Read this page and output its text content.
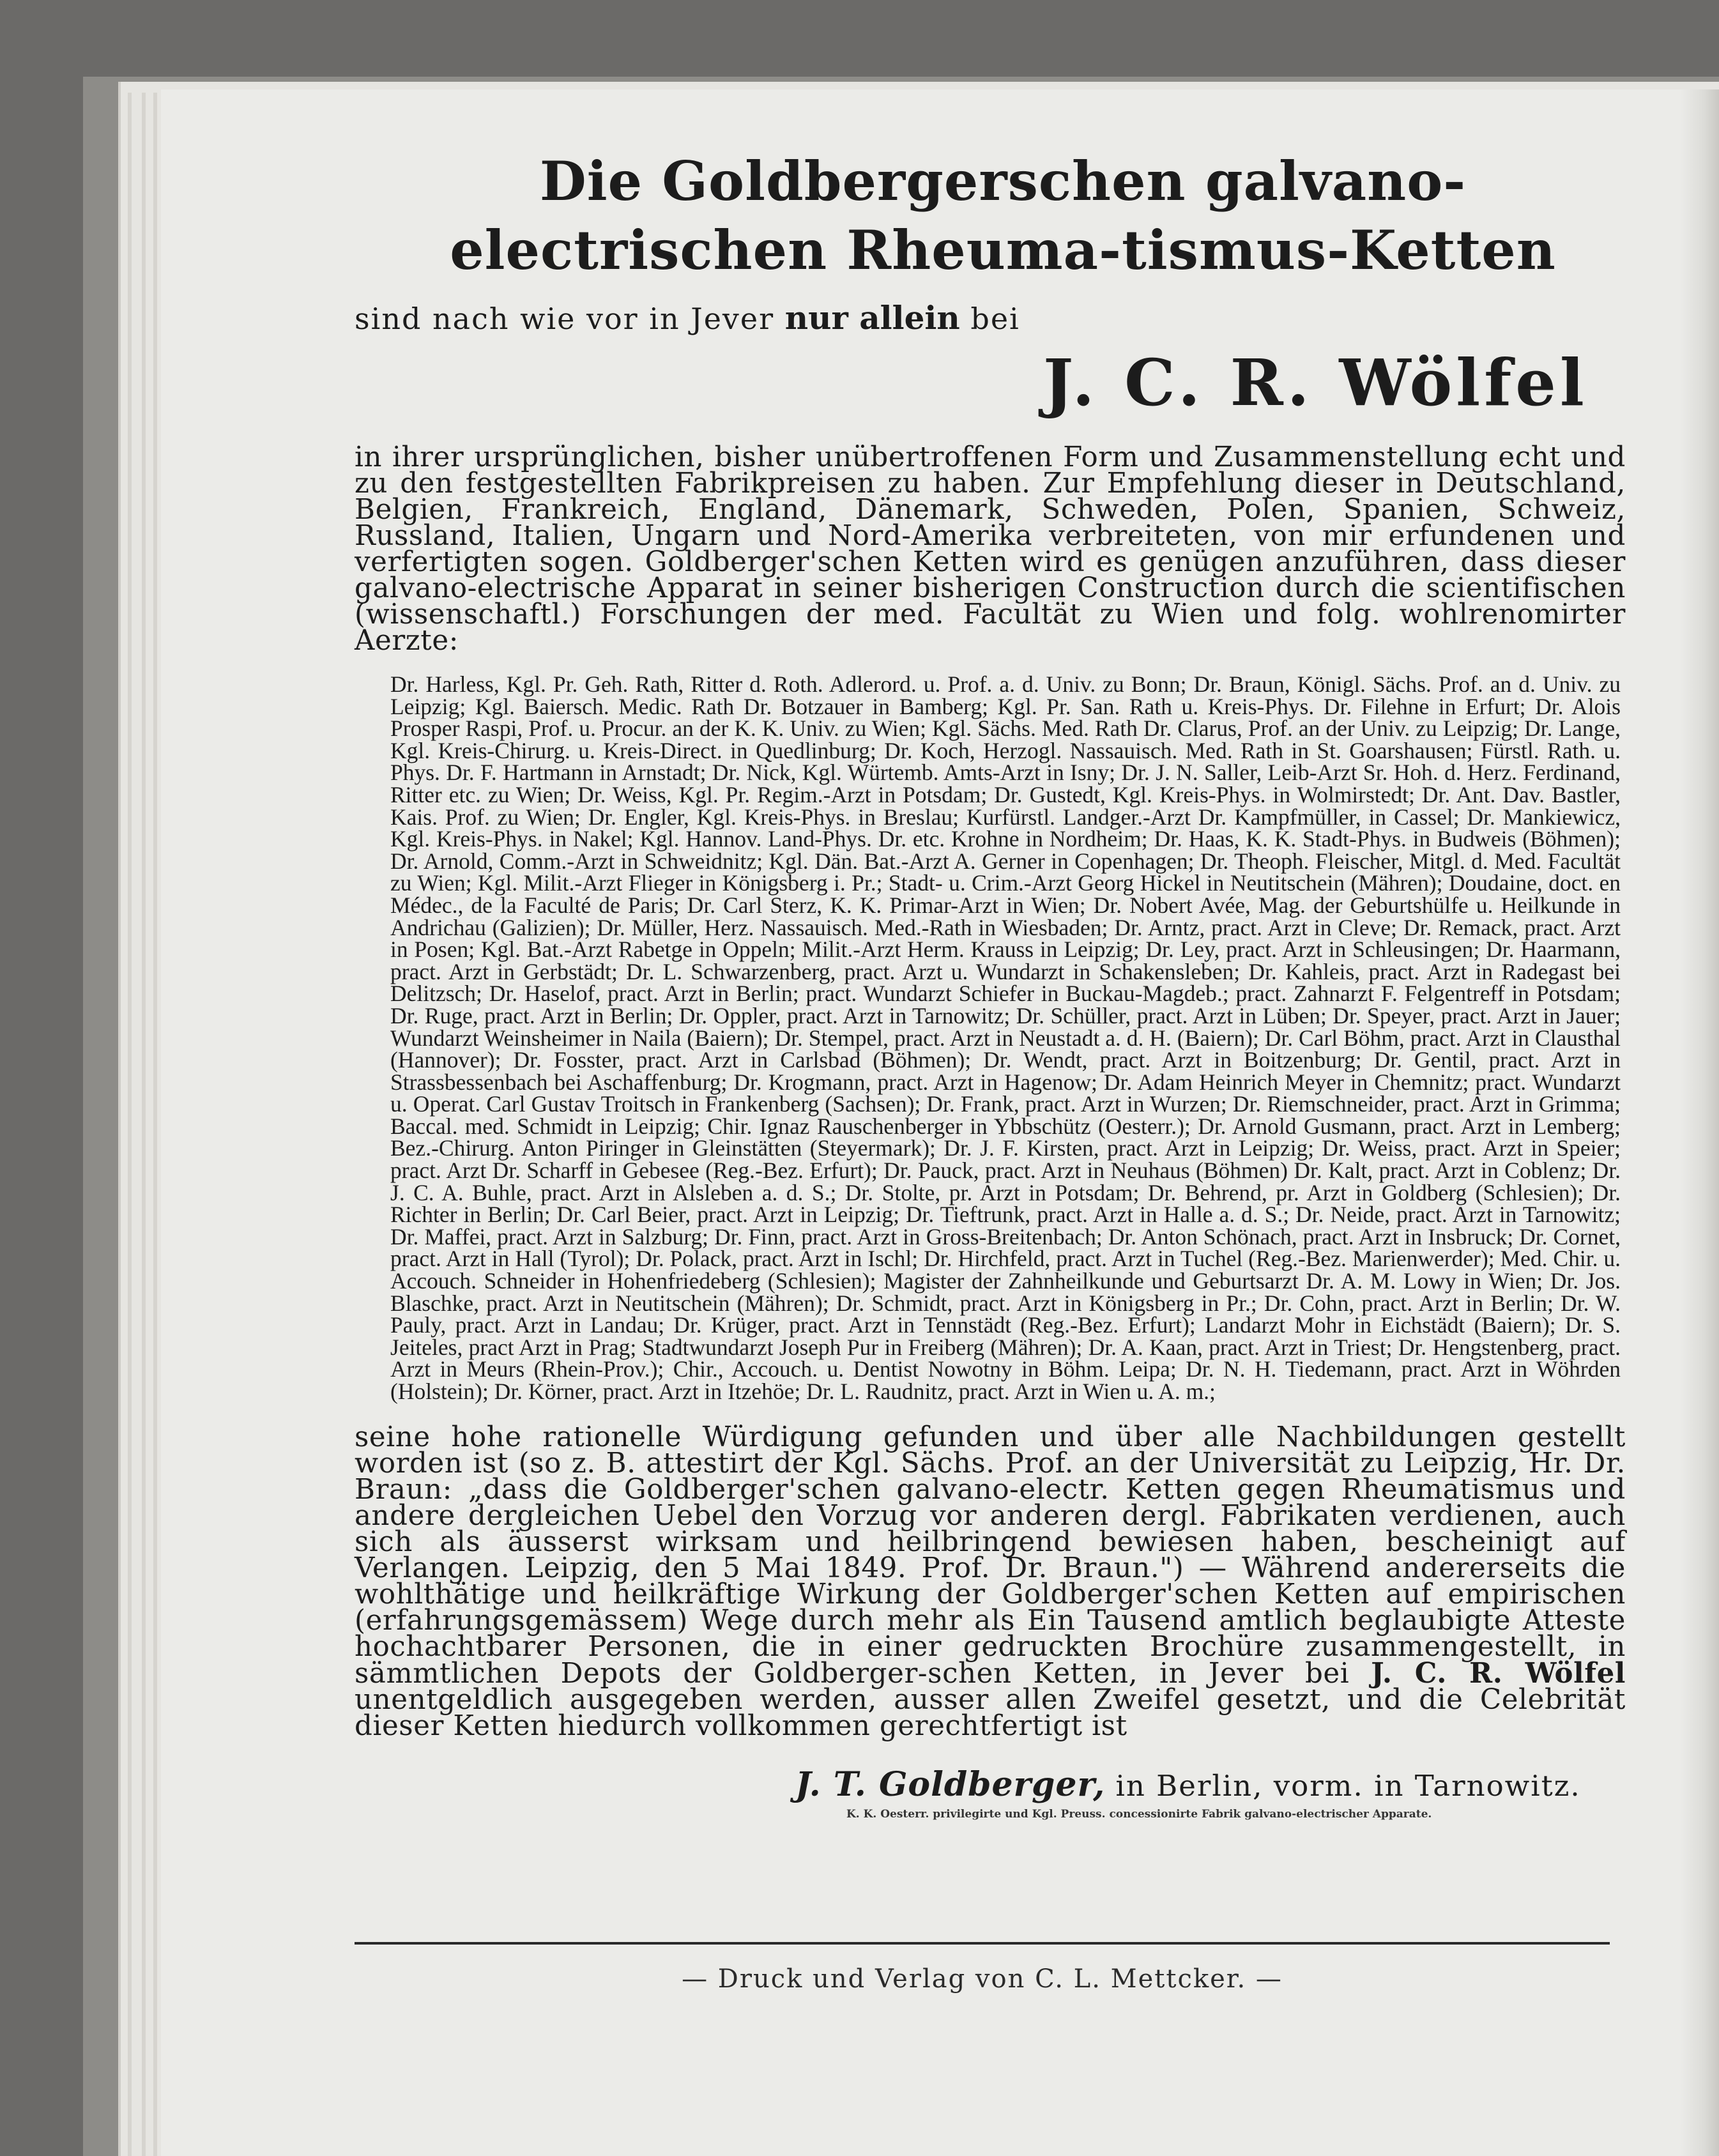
Die Goldbergerschen galvano-electrischen Rheuma-tismus-Ketten
sind nach wie vor in Jever nur allein bei
J. C. R. Wölfel

in ihrer ursprünglichen, bisher unübertroffenen Form und Zusammenstellung echt und zu den festgestellten Fabrikpreisen zu haben. Zur Empfehlung dieser in Deutschland, Belgien, Frankreich, England, Dänemark, Schweden, Polen, Spanien, Schweiz, Russland, Italien, Ungarn und Nord-Amerika verbreiteten, von mir erfundenen und verfertigten sogen. Goldberger'schen Ketten wird es genügen anzuführen, dass dieser galvano-electrische Apparat in seiner bisherigen Construction durch die scientifischen (wissenschaftl.) Forschungen der med. Facultät zu Wien und folg. wohlrenomirter Aerzte:

Dr. Harless, Kgl. Pr. Geh. Rath, Ritter d. Roth. Adlerord. u. Prof. a. d. Univ. zu Bonn; Dr. Braun, Königl. Sächs. Prof. an d. Univ. zu Leipzig; Kgl. Baiersch. Medic. Rath Dr. Botzauer in Bamberg; Kgl. Pr. San. Rath u. Kreis-Phys. Dr. Filehne in Erfurt; Dr. Alois Prosper Raspi, Prof. u. Procur. an der K. K. Univ. zu Wien; Kgl. Sächs. Med. Rath Dr. Clarus, Prof. an der Univ. zu Leipzig; Dr. Lange, Kgl. Kreis-Chirurg. u. Kreis-Direct. in Quedlinburg; Dr. Koch, Herzogl. Nassauisch. Med. Rath in St. Goarshausen; Fürstl. Rath. u. Phys. Dr. F. Hartmann in Arnstadt; Dr. Nick, Kgl. Würtemb. Amts-Arzt in Isny; Dr. J. N. Saller, Leib-Arzt Sr. Hoh. d. Herz. Ferdinand, Ritter etc. zu Wien; Dr. Weiss, Kgl. Pr. Regim.-Arzt in Potsdam; Dr. Gustedt, Kgl. Kreis-Phys. in Wolmirstedt; Dr. Ant. Dav. Bastler, Kais. Prof. zu Wien; Dr. Engler, Kgl. Kreis-Phys. in Breslau; Kurfürstl. Landger.-Arzt Dr. Kampfmüller, in Cassel; Dr. Mankiewicz, Kgl. Kreis-Phys. in Nakel; Kgl. Hannov. Land-Phys. Dr. etc. Krohne in Nordheim; Dr. Haas, K. K. Stadt-Phys. in Budweis (Böhmen); Dr. Arnold, Comm.-Arzt in Schweidnitz; Kgl. Dän. Bat.-Arzt A. Gerner in Copenhagen; Dr. Theoph. Fleischer, Mitgl. d. Med. Facultät zu Wien; Kgl. Milit.-Arzt Flieger in Königsberg i. Pr.; Stadt- u. Crim.-Arzt Georg Hickel in Neutitschein (Mähren); Doudaine, doct. en Médec., de la Faculté de Paris; Dr. Carl Sterz, K. K. Primar-Arzt in Wien; Dr. Nobert Avée, Mag. der Geburtshülfe u. Heilkunde in Andrichau (Galizien); Dr. Müller, Herz. Nassauisch. Med.-Rath in Wiesbaden; Dr. Arntz, pract. Arzt in Cleve; Dr. Remack, pract. Arzt in Posen; Kgl. Bat.-Arzt Rabetge in Oppeln; Milit.-Arzt Herm. Krauss in Leipzig; Dr. Ley, pract. Arzt in Schleusingen; Dr. Haarmann, pract. Arzt in Gerbstädt; Dr. L. Schwarzenberg, pract. Arzt u. Wundarzt in Schakensleben; Dr. Kahleis, pract. Arzt in Radegast bei Delitzsch; Dr. Haselof, pract. Arzt in Berlin; pract. Wundarzt Schiefer in Buckau-Magdeb.; pract. Zahnarzt F. Felgentreff in Potsdam; Dr. Ruge, pract. Arzt in Berlin; Dr. Oppler, pract. Arzt in Tarnowitz; Dr. Schüller, pract. Arzt in Lüben; Dr. Speyer, pract. Arzt in Jauer; Wundarzt Weinsheimer in Naila (Baiern); Dr. Stempel, pract. Arzt in Neustadt a. d. H. (Baiern); Dr. Carl Böhm, pract. Arzt in Clausthal (Hannover); Dr. Fosster, pract. Arzt in Carlsbad (Böhmen); Dr. Wendt, pract. Arzt in Boitzenburg; Dr. Gentil, pract. Arzt in Strassbessenbach bei Aschaffenburg; Dr. Krogmann, pract. Arzt in Hagenow; Dr. Adam Heinrich Meyer in Chemnitz; pract. Wundarzt u. Operat. Carl Gustav Troitsch in Frankenberg (Sachsen); Dr. Frank, pract. Arzt in Wurzen; Dr. Riemschneider, pract. Arzt in Grimma; Baccal. med. Schmidt in Leipzig; Chir. Ignaz Rauschenberger in Ybbschütz (Oesterr.); Dr. Arnold Gusmann, pract. Arzt in Lemberg; Bez.-Chirurg. Anton Piringer in Gleinstätten (Steyermark); Dr. J. F. Kirsten, pract. Arzt in Leipzig; Dr. Weiss, pract. Arzt in Speier; pract. Arzt Dr. Scharff in Gebesee (Reg.-Bez. Erfurt); Dr. Pauck, pract. Arzt in Neuhaus (Böhmen) Dr. Kalt, pract. Arzt in Coblenz; Dr. J. C. A. Buhle, pract. Arzt in Alsleben a. d. S.; Dr. Stolte, pr. Arzt in Potsdam; Dr. Behrend, pr. Arzt in Goldberg (Schlesien); Dr. Richter in Berlin; Dr. Carl Beier, pract. Arzt in Leipzig; Dr. Tieftrunk, pract. Arzt in Halle a. d. S.; Dr. Neide, pract. Arzt in Tarnowitz; Dr. Maffei, pract. Arzt in Salzburg; Dr. Finn, pract. Arzt in Gross-Breitenbach; Dr. Anton Schönach, pract. Arzt in Insbruck; Dr. Cornet, pract. Arzt in Hall (Tyrol); Dr. Polack, pract. Arzt in Ischl; Dr. Hirchfeld, pract. Arzt in Tuchel (Reg.-Bez. Marienwerder); Med. Chir. u. Accouch. Schneider in Hohenfriedeberg (Schlesien); Magister der Zahnheilkunde und Geburtsarzt Dr. A. M. Lowy in Wien; Dr. Jos. Blaschke, pract. Arzt in Neutitschein (Mähren); Dr. Schmidt, pract. Arzt in Königsberg in Pr.; Dr. Cohn, pract. Arzt in Berlin; Dr. W. Pauly, pract. Arzt in Landau; Dr. Krüger, pract. Arzt in Tennstädt (Reg.-Bez. Erfurt); Landarzt Mohr in Eichstädt (Baiern); Dr. S. Jeiteles, pract Arzt in Prag; Stadtwundarzt Joseph Pur in Freiberg (Mähren); Dr. A. Kaan, pract. Arzt in Triest; Dr. Hengstenberg, pract. Arzt in Meurs (Rhein-Prov.); Chir., Accouch. u. Dentist Nowotny in Böhm. Leipa; Dr. N. H. Tiedemann, pract. Arzt in Wöhrden (Holstein); Dr. Körner, pract. Arzt in Itzehöe; Dr. L. Raudnitz, pract. Arzt in Wien u. A. m.;

seine hohe rationelle Würdigung gefunden und über alle Nachbildungen gestellt worden ist (so z. B. attestirt der Kgl. Sächs. Prof. an der Universität zu Leipzig, Hr. Dr. Braun: „dass die Goldberger'schen galvano-electr. Ketten gegen Rheumatismus und andere dergleichen Uebel den Vorzug vor anderen dergl. Fabrikaten verdienen, auch sich als äusserst wirksam und heilbringend bewiesen haben, bescheinigt auf Verlangen. Leipzig, den 5 Mai 1849. Prof. Dr. Braun.") — Während andererseits die wohlthätige und heilkräftige Wirkung der Goldberger'schen Ketten auf empirischen (erfahrungsgemässem) Wege durch mehr als Ein Tausend amtlich beglaubigte Atteste hochachtbarer Personen, die in einer gedruckten Brochüre zusammengestellt, in sämmtlichen Depots der Goldberger-schen Ketten, in Jever bei J. C. R. Wölfel unentgeldlich ausgegeben werden, ausser allen Zweifel gesetzt, und die Celebrität dieser Ketten hiedurch vollkommen gerechtfertigt ist

J. T. Goldberger, in Berlin, vorm. in Tarnowitz.
K. K. Oesterr. privilegirte und Kgl. Preuss. concessionirte Fabrik galvano-electrischer Apparate.
— Druck und Verlag von C. L. Mettcker. —
